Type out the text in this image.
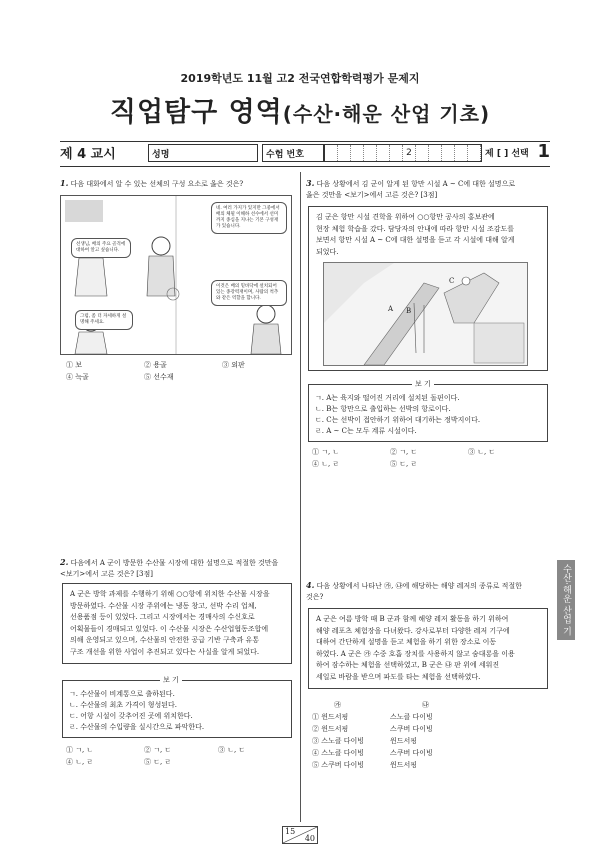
2019학년도 11월 고2 전국연합학력평가 문제지
직업탐구 영역(수산·해운 산업 기초)
제 4 교시	성명	수험 번호	2	제 [ ] 선택 1
1. 다음 대화에서 알 수 있는 선체의 구성 요소로 옳은 것은?
선생님, 배의 주요 골격에 대하여 알고 싶습니다.
네. 여러 가지가 있지만 그중에서 배의 체될 이해하 선수에서 선미까지 종심을 지나는 기본 구성재가 있습니다.
그럼, 좀 더 자세하게 설명해 주세요.
이것은 배의 밑바닥에 설치되어 있는 종강력재이며, 사람의 척추와 같은 역할을 합니다.
① 보	② 용골	③ 외판
④ 늑골	⑤ 선수재
2. 다음에서 A 군이 방문한 수산물 시장에 대한 설명으로 적절한 것만을
<보기>에서 고른 것은? [3점]
A 군은 방학 과제를 수행하기 위해 ○○항에 위치한 수산물 시장을
방문하였다. 수산물 시장 주위에는 냉동 창고, 선박 수리 업체,
선용품점 등이 있었다. 그리고 시장에서는 경매사의 수신호로
어획물들이 경매되고 있었다. 이 수산물 시장은 수산업협동조합에
의해 운영되고 있으며, 수산물의 안전한 공급 기반 구축과 유통
구조 개선을 위한 사업이 추진되고 있다는 사실을 알게 되었다.
ㄱ. 수산물이 비계통으로 출하된다.
ㄴ. 수산물의 최초 가격이 형성된다.
ㄷ. 어항 시설이 갖추어진 곳에 위치한다.
ㄹ. 수산물의 수입량을 실시간으로 파악한다.
보 기
① ㄱ, ㄴ	② ㄱ, ㄷ	③ ㄴ, ㄷ
④ ㄴ, ㄹ	⑤ ㄷ, ㄹ
3. 다음 상황에서 김 군이 알게 된 항만 시설 A ~ C에 대한 설명으로
옳은 것만을 <보기>에서 고른 것은? [3점]
김 군은 항만 시설 견학을 위하여 ○○항만 공사의 홍보관에
현장 체험 학습을 갔다. 담당자의 안내에 따라 항만 시설 조감도를
보면서 항만 시설 A ~ C에 대한 설명을 듣고 각 시설에 대해 알게
되었다.
A B
C
ㄱ. A는 육지와 떨어진 거리에 설치된 돌핀이다.
ㄴ. B는 항만으로 출입하는 선박의 항로이다.
ㄷ. C는 선박이 접안하기 위하여 대기하는 정박지이다.
ㄹ. A ~ C는 모두 계류 시설이다.
보 기
① ㄱ, ㄴ	② ㄱ, ㄷ	③ ㄴ, ㄷ
④ ㄴ, ㄹ	⑤ ㄷ, ㄹ
4. 다음 상황에서 나타난 ㉮, ㉯에 해당하는 해양 레저의 종류로 적절한
것은?
A 군은 여름 방학 때 B 군과 함께 해양 레저 활동을 하기 위하여
해양 레포츠 체험장을 다녀왔다. 강사로부터 다양한 레저 기구에
대하여 간단하게 설명을 듣고 체험을 하기 위한 장소로 이동
하였다. A 군은 ㉮ 수중 호흡 장치를 사용하지 않고 숨대롱을 이용
하여 잠수하는 체험을 선택하였고, B 군은 ㉯ 판 위에 세워진
세일로 바람을 받으며 파도를 타는 체험을 선택하였다.
㉮	㉯
① 윈드서핑	스노클 다이빙
② 윈드서핑	스쿠버 다이빙
③ 스노클 다이빙	윈드서핑
④ 스노클 다이빙	스쿠버 다이빙
⑤ 스쿠버 다이빙	윈드서핑
수산·해운 산업 기초
15
40
